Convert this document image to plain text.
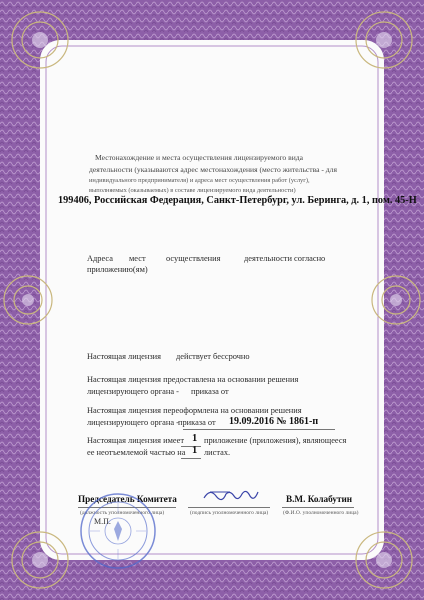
Местонахождение и места осуществления лицензируемого вида
деятельности (указываются адрес местонахождения (место жительства - для
индивидуального предпринимателя) и адреса мест осуществления работ (услуг),
выполняемых (оказываемых) в составе лицензируемого вида деятельности)
199406, Российская Федерация, Санкт-Петербург, ул. Беринга, д. 1, пом. 45-Н
Адреса мест осуществления	деятельности согласно
приложению(ям)
Настоящая лицензия действует бессрочно
Настоящая лицензия предоставлена на основании решения
лицензирующего органа - приказа от
Настоящая лицензия переоформлена на основании решения
лицензирующего органа - приказа от 19.09.2016 № 1861-п
Настоящая лицензия имеет 1 приложение (приложения), являющееся
ее неотъемлемой частью на 1 листах.
Председатель Комитета
(должность уполномоченного лица)	(подпись уполномоченного лица)
В.М. Колабутин
(Ф.И.О. уполномоченного лица)
М.П.
